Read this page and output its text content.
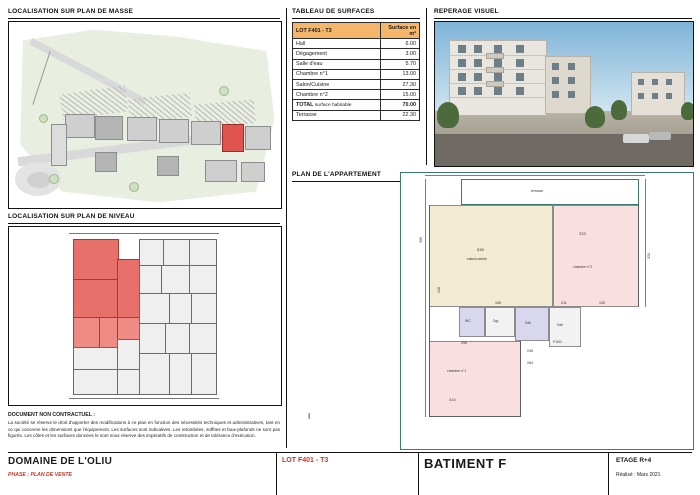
LOCALISATION SUR PLAN DE MASSE
LOCALISATION SUR PLAN DE NIVEAU
DOCUMENT NON CONTRACTUEL :

La société se réserve le droit d'apporter des modifications à ce plan en fonction des nécessités techniques et administratives, tant en ce qui concerne les dimensions que l'équipement. Les surfaces sont indicatives. Les retombées, soffites et faux-plafonds ne sont pas figurés. Les côtes et les surfaces données le sont sous réserve des impératifs de construction et de tolérance d'exécution.

I
TABLEAU DE SURFACES
LOT F401 - T3	Surface en m²
Hall	6.00
Dégagement	3.00
Salle d'eau	5.70
Chambre n°1	13.00
Salon/Cuisine	27.30
Chambre n°2	15.00
TOTAL surface habitable	70.00
Terrasse	22.30
PLAN DE L'APPARTEMENT
REPERAGE VISUEL
terrasse
salon/cuisine
538
chambre n°2
333
WC	Dgt	Sdb	Hall
F401
chambre n°1
310
390
446
333
245
264
296
159	211	130
DOMAINE DE L'OLIU
PHASE : PLAN DE VENTE
LOT F401 - T3	BATIMENT F	ETAGE R+4
Réalisé : Mars 2021
